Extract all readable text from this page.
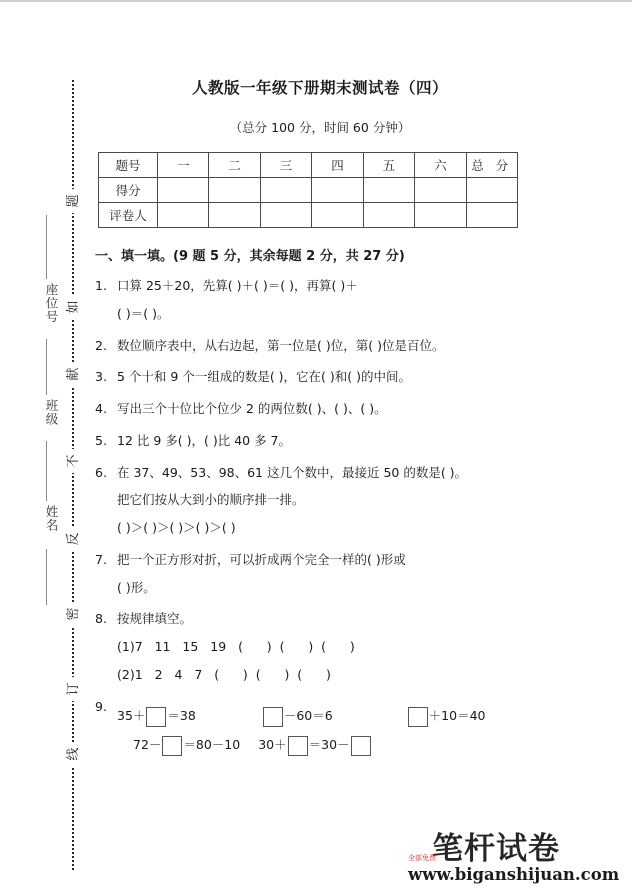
题
如
献
不
反
密
订
线
座位号
班级
姓名
人教版一年级下册期末测试卷（四）
（总分 100 分，时间 60 分钟）
题号	一	二	三	四	五	六	总 分
得分							
评卷人							
一、填一填。(9 题 5 分，其余每题 2 分，共 27 分)
1. 口算 25＋20，先算( )＋( )＝( )，再算( )＋
( )＝( )。
2. 数位顺序表中，从右边起，第一位是( )位，第( )位是百位。
3. 5 个十和 9 个一组成的数是( )，它在( )和( )的中间。
4. 写出三个十位比个位少 2 的两位数( )、( )、( )。
5. 12 比 9 多( )，( )比 40 多 7。
6. 在 37、49、53、98、61 这几个数中，最接近 50 的数是( )。
把它们按从大到小的顺序排一排。
( )＞( )＞( )＞( )＞( )
7. 把一个正方形对折，可以折成两个完全一样的( )形或
( )形。
8. 按规律填空。
(1) 7   11   15   19   (      )  (      )  (      )
(2) 1   2   4   7   (      )  (      )  (      )
9.
35＋ ＝38	－60＝6	＋10＝40
72－ ＝80－10 30＋ ＝30－
笔杆试卷
全部免费
www.biganshijuan.com
